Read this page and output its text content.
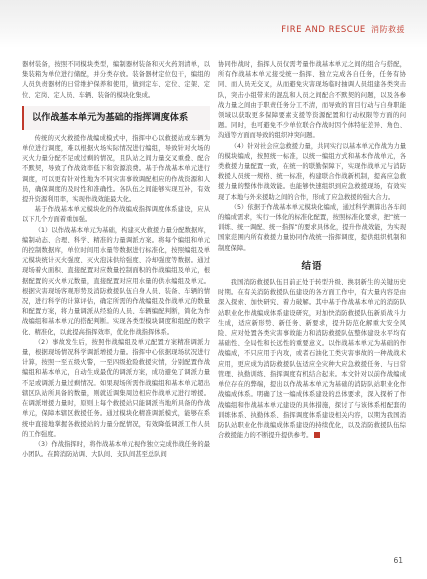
FIRE AND RESCUE 消防救援

器材装备，按照不同模块类型，编制器材装备和灭火药剂清单，以集装箱为单位进行储配，并分类存放。装备器材定位包干，编组的人员负责器材的日常维护保养和使用，做到定车、定位、定架、定位、定岗、定人员、车辆、装备的模块化集成。

以作战基本单元为基础的指挥调度体系

传统的灭火救援作战编成模式中，指挥中心以救援站或车辆为单位进行调度，难以根据火场实际情况进行编组，导致针对火场的灭火力量分配不足或过剩的情况，且队站之间力量交叉重叠、配合不默契，导致了作战效率低下和资源浪费。基于作战基本单元进行调度，可以更有针对性地为不同灾害事故调配相应的作战资源和人员，确保调度的及时性和准确性。各队伍之间能够实现互补，有效提升资源利用率，实现作战效能最大化。

基于作战基本单元模块化的作战编成指挥调度体系建设，应从以下几个方面着重加强。

（1）以作战基本单元为基础，构建灭火救援力量分配数据库，编制动态、合理、科学、精准的力量调派方案。将每个编组和单元的控制数据库，单位时间用水量等数据进行标准化，按照编组及单元模块统计灭火强度、灭火泡沫供给强度、冷却强度等数据。通过现场着火面积、直接配置对应数量控制面积的作战编组及单元，根据配置的灭火单元数量，直接配置对应用水量的供水编组及单元。根据灾害现场客观形势及消防救援队伍自身人员、装备、车辆的情况，进行科学的计算评估，确定所需的作战编组及作战单元的数量和配置方案，将力量调派从经验的人员、车辆编配判断，简化为作战编组和基本单元的搭配判断。实现各类型模块调度和组配的数字化、精准化，以此提高指挥效率，优化作战指挥体系。

（2）事故发生后，按照作战编组及单元配置方案精准调派力量，根据现场情况科学调派增援力量。指挥中心依据现场状况进行计算，按照一至五级火警，一至四级抢险救援灾情，分别配置作战编组和基本单元，自动生成最优的调派方案，成功避免了调派力量不足或调派力量过剩情况。如果现场所需作战编组和基本单元超出辖区队站所具备的数量，则就近调集周边相应作战单元进行增援。在调派增援力量时，原则上每个救援站只能调派当地所具备的作战单元，保障本辖区救援任务。通过模块化精准调派模式，能够在系统中直接地掌握各救援站的力量分配情况，有效降低调派工作人员的工作强度。

（3）作战指挥时，将作战基本单元视作独立完成作战任务的最小团队。在跨消防站调、大队间、支队间甚至总队间

协同作战时，指挥人员仅需考量作战基本单元之间的组合与搭配，所有作战基本单元接受统一指挥、独立完成各自任务，任务有协同、而人员无交叉，从而避免灾害现场临时抽调人员组建各类突击队，突击小组带来的混乱和人员之间配合不默契的问题，以及各参战力量之间由于职责任务分工不清，而导致的盲目行动与自身职能领域以获取更多保障要素支援等资源配置和行动权限等方面的问题。同时，也可避免不少单位联合作战时因个体特征差异、角色、沟通等方面而导致的组织冲突问题。

（4）针对社会应急救援力量，共同实行以基本单元作战为力量的模块编成，按照统一标准，以统一编组方式和基本作战单元，各类救援力量配置一致，在统一的联勤保障下，实现作战单元与消防救援人员统一规格、统一标准，构建联合作战新机制，提高应急救援力量的整体作战效能。也能够快速组织到应急救援现场，有效实现了本地与外来援助之间的合作，形成了应急救援的强大合力。

（5）依据于作战基本单元模块化编成，通过科学测算出各车间的编成需求，实行一体化的标准化配置，按照标准化要求，把“统一训练、统一调配、统一指挥”的要求具体化，提升作战效能，为实现国家范围内所有救援力量协同作战统一指挥调度，提供组织机制和制度保障。

结语

我国消防救援队伍目前正处于转型升级、换羽新生的关键历史时期。在有关消防救援队伍建设的各方面工作中，有大量内容是由深入探索、加快研究、着力破解。其中基于作战基本单元的消防队站职业化作战编成体系建设研究，对加快消防救援队伍新质战斗力生成，适应新形势、新任务、新要求，提升防范化解重大安全风险、应对处置各类灾害事故能力和消防救援队伍整体建设水平均有基础性、全局性和长远性的重要意义。以作战基本单元为基础的作战编成，不只应用于内攻，或者石油化工类灾害事故的一种战战术应用，更应成为消防救援队伍适应全灾种大应急救援任务、与日常管理、执勤训练、指挥调度有机结合起来。本文针对以前作战编成单位存在的弊端，提出以作战基本单元为基础的消防队站职业化作战编成体系。明确了这一编成体系建设的总体要求，深入探析了作战编组和作战基本单元建设的具体措施，探讨了与该体系相配套的训练体系、执勤体系、指挥调度体系建设相关内容，以期为我国消防队站职业化作战编成体系建设的持续优化，以及消防救援队伍综合救援能力的不断提升提供参考。

61
